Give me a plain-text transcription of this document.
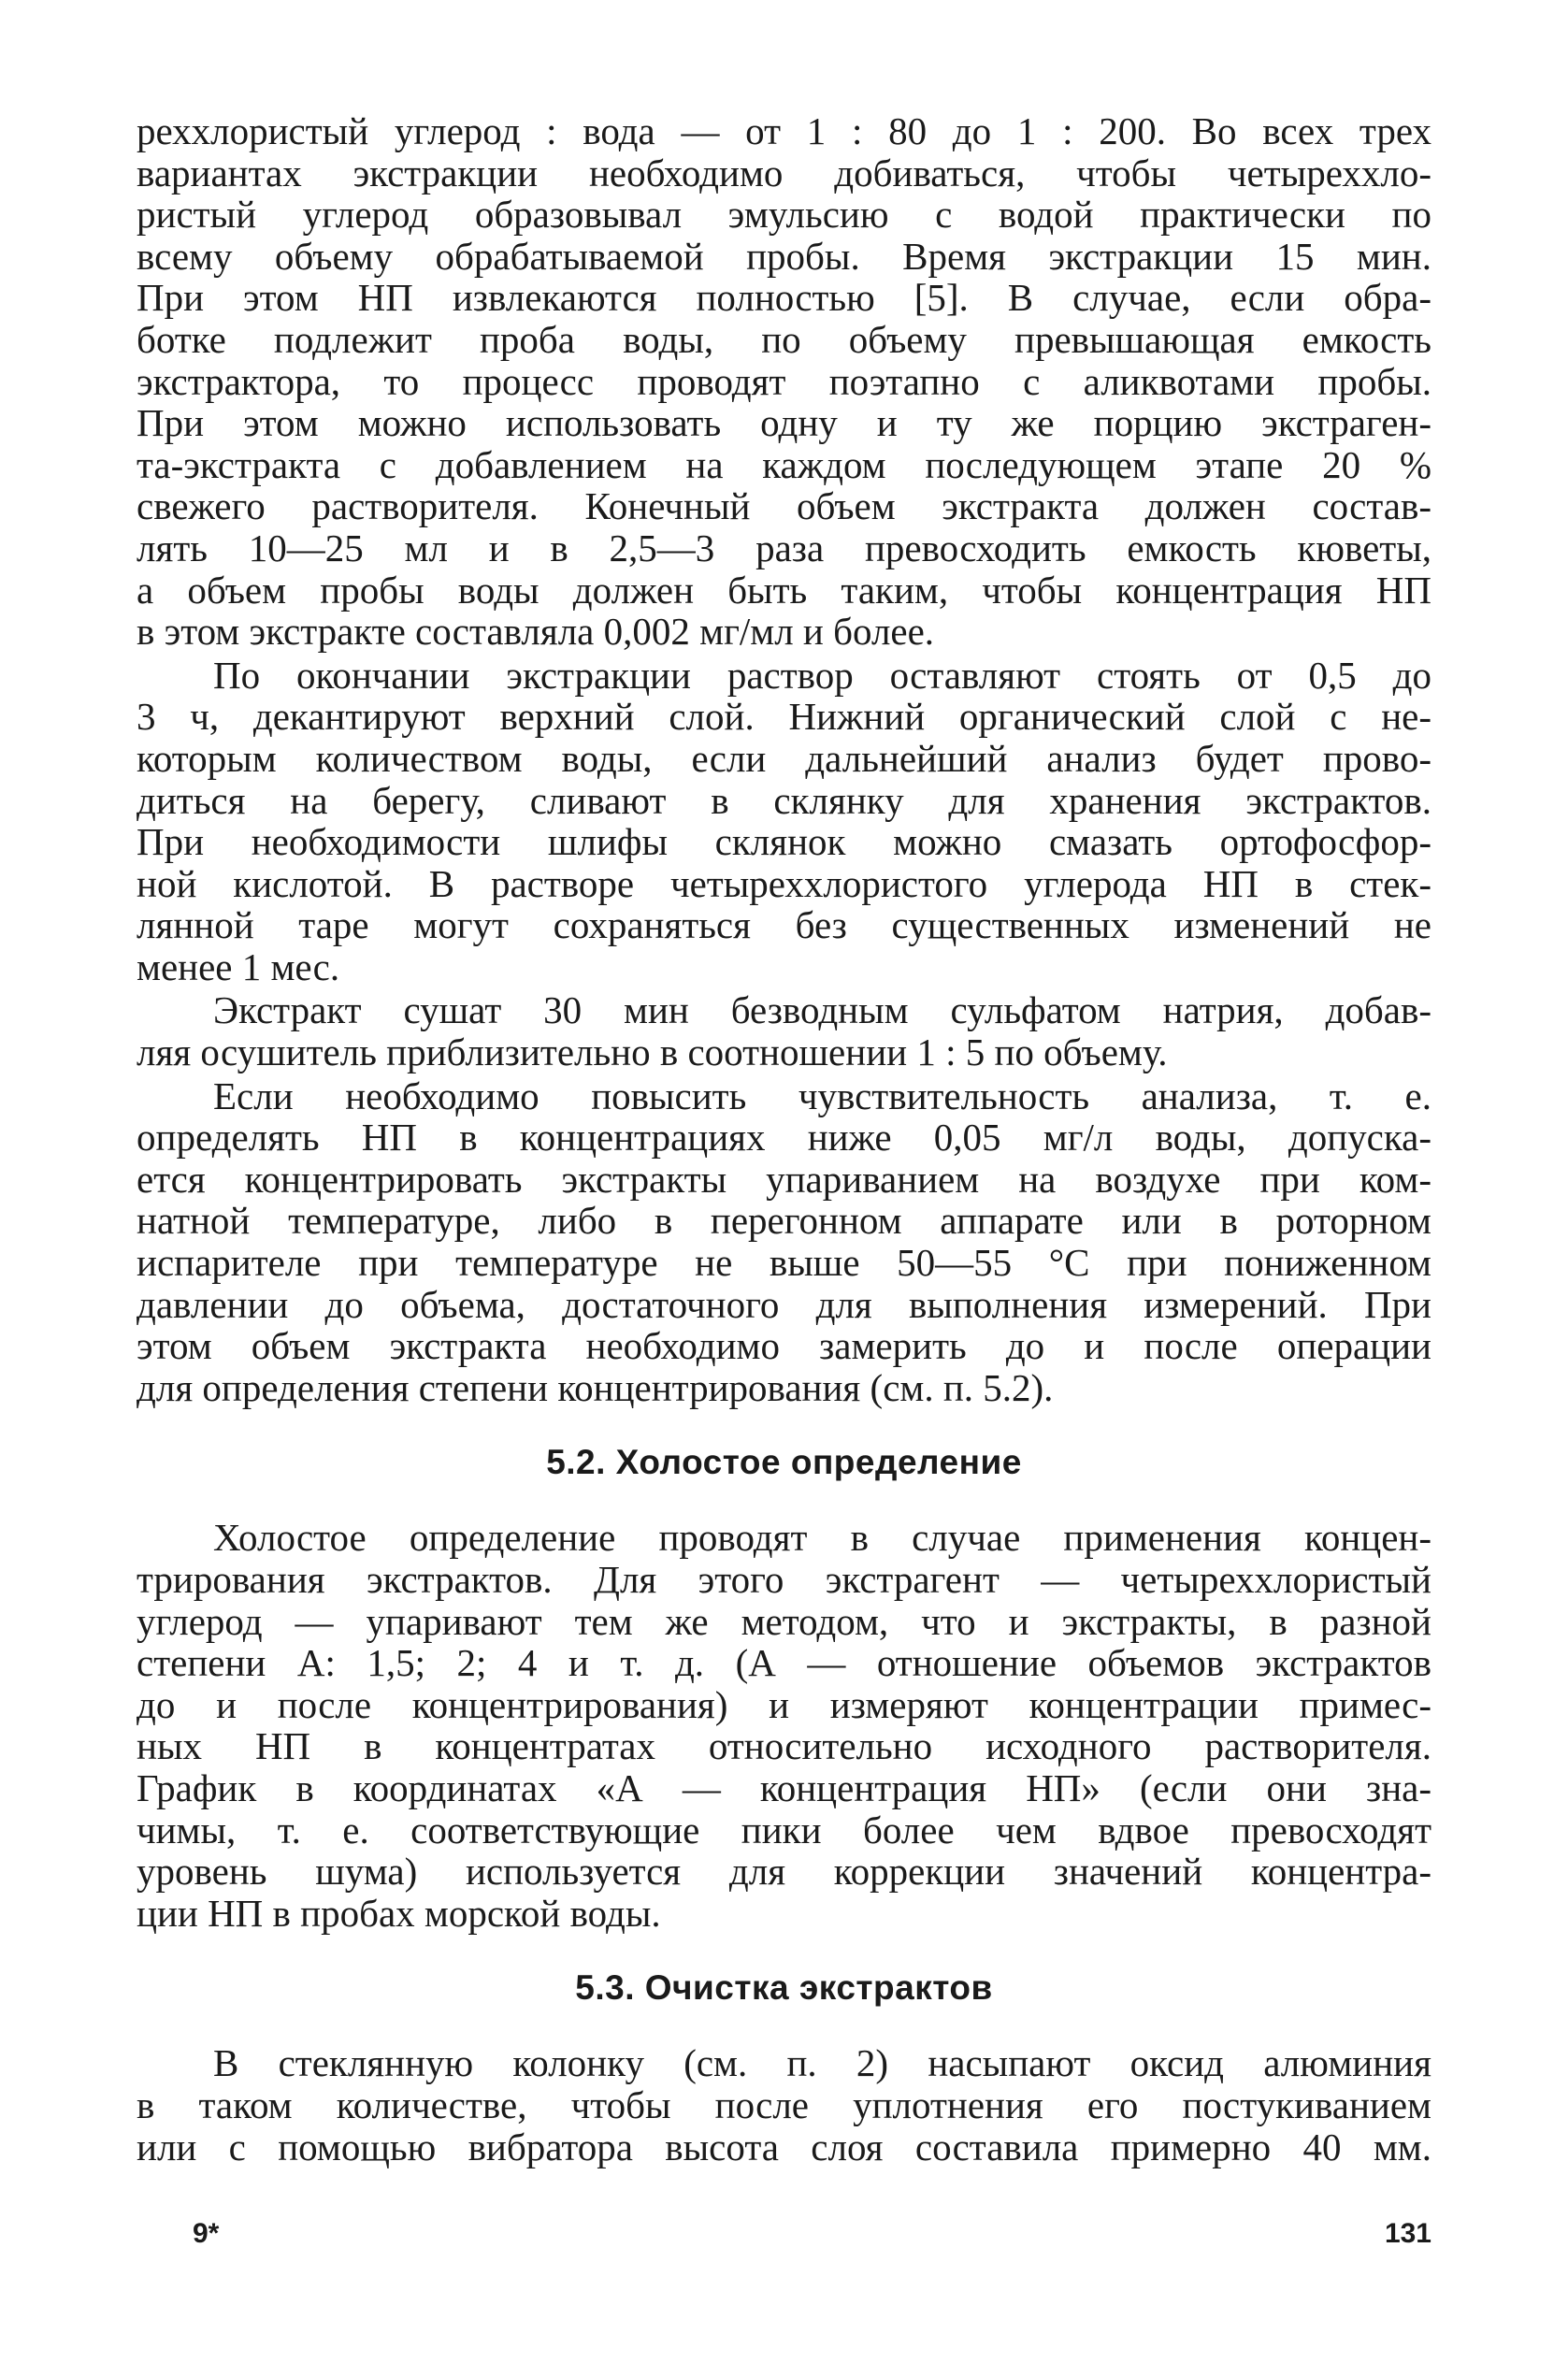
реххлористый углерод : вода — от 1 : 80 до 1 : 200. Во всех трех
вариантах экстракции необходимо добиваться, чтобы четыреххло-
ристый углерод образовывал эмульсию с водой практически по
всему объему обрабатываемой пробы. Время экстракции 15 мин.
При этом НП извлекаются полностью [5]. В случае, если обра-
ботке подлежит проба воды, по объему превышающая емкость
экстрактора, то процесс проводят поэтапно с аликвотами пробы.
При этом можно использовать одну и ту же порцию экстраген-
та-экстракта с добавлением на каждом последующем этапе 20 %
свежего растворителя. Конечный объем экстракта должен состав-
лять 10—25 мл и в 2,5—3 раза превосходить емкость кюветы,
а объем пробы воды должен быть таким, чтобы концентрация НП
в этом экстракте составляла 0,002 мг/мл и более.
По окончании экстракции раствор оставляют стоять от 0,5 до
3 ч, декантируют верхний слой. Нижний органический слой с не-
которым количеством воды, если дальнейший анализ будет прово-
диться на берегу, сливают в склянку для хранения экстрактов.
При необходимости шлифы склянок можно смазать ортофосфор-
ной кислотой. В растворе четыреххлористого углерода НП в стек-
лянной таре могут сохраняться без существенных изменений не
менее 1 мес.
Экстракт сушат 30 мин безводным сульфатом натрия, добав-
ляя осушитель приблизительно в соотношении 1 : 5 по объему.
Если необходимо повысить чувствительность анализа, т. е.
определять НП в концентрациях ниже 0,05 мг/л воды, допуска-
ется концентрировать экстракты упариванием на воздухе при ком-
натной температуре, либо в перегонном аппарате или в роторном
испарителе при температуре не выше 50—55 °С при пониженном
давлении до объема, достаточного для выполнения измерений. При
этом объем экстракта необходимо замерить до и после операции
для определения степени концентрирования (см. п. 5.2).
5.2. Холостое определение
Холостое определение проводят в случае применения концен-
трирования экстрактов. Для этого экстрагент — четыреххлористый
углерод — упаривают тем же методом, что и экстракты, в разной
степени А: 1,5; 2; 4 и т. д. (А — отношение объемов экстрактов
до и после концентрирования) и измеряют концентрации примес-
ных НП в концентратах относительно исходного растворителя.
График в координатах «А — концентрация НП» (если они зна-
чимы, т. е. соответствующие пики более чем вдвое превосходят
уровень шума) используется для коррекции значений концентра-
ции НП в пробах морской воды.
5.3. Очистка экстрактов
В стеклянную колонку (см. п. 2) насыпают оксид алюминия
в таком количестве, чтобы после уплотнения его постукиванием
или с помощью вибратора высота слоя составила примерно 40 мм.
9*	131
